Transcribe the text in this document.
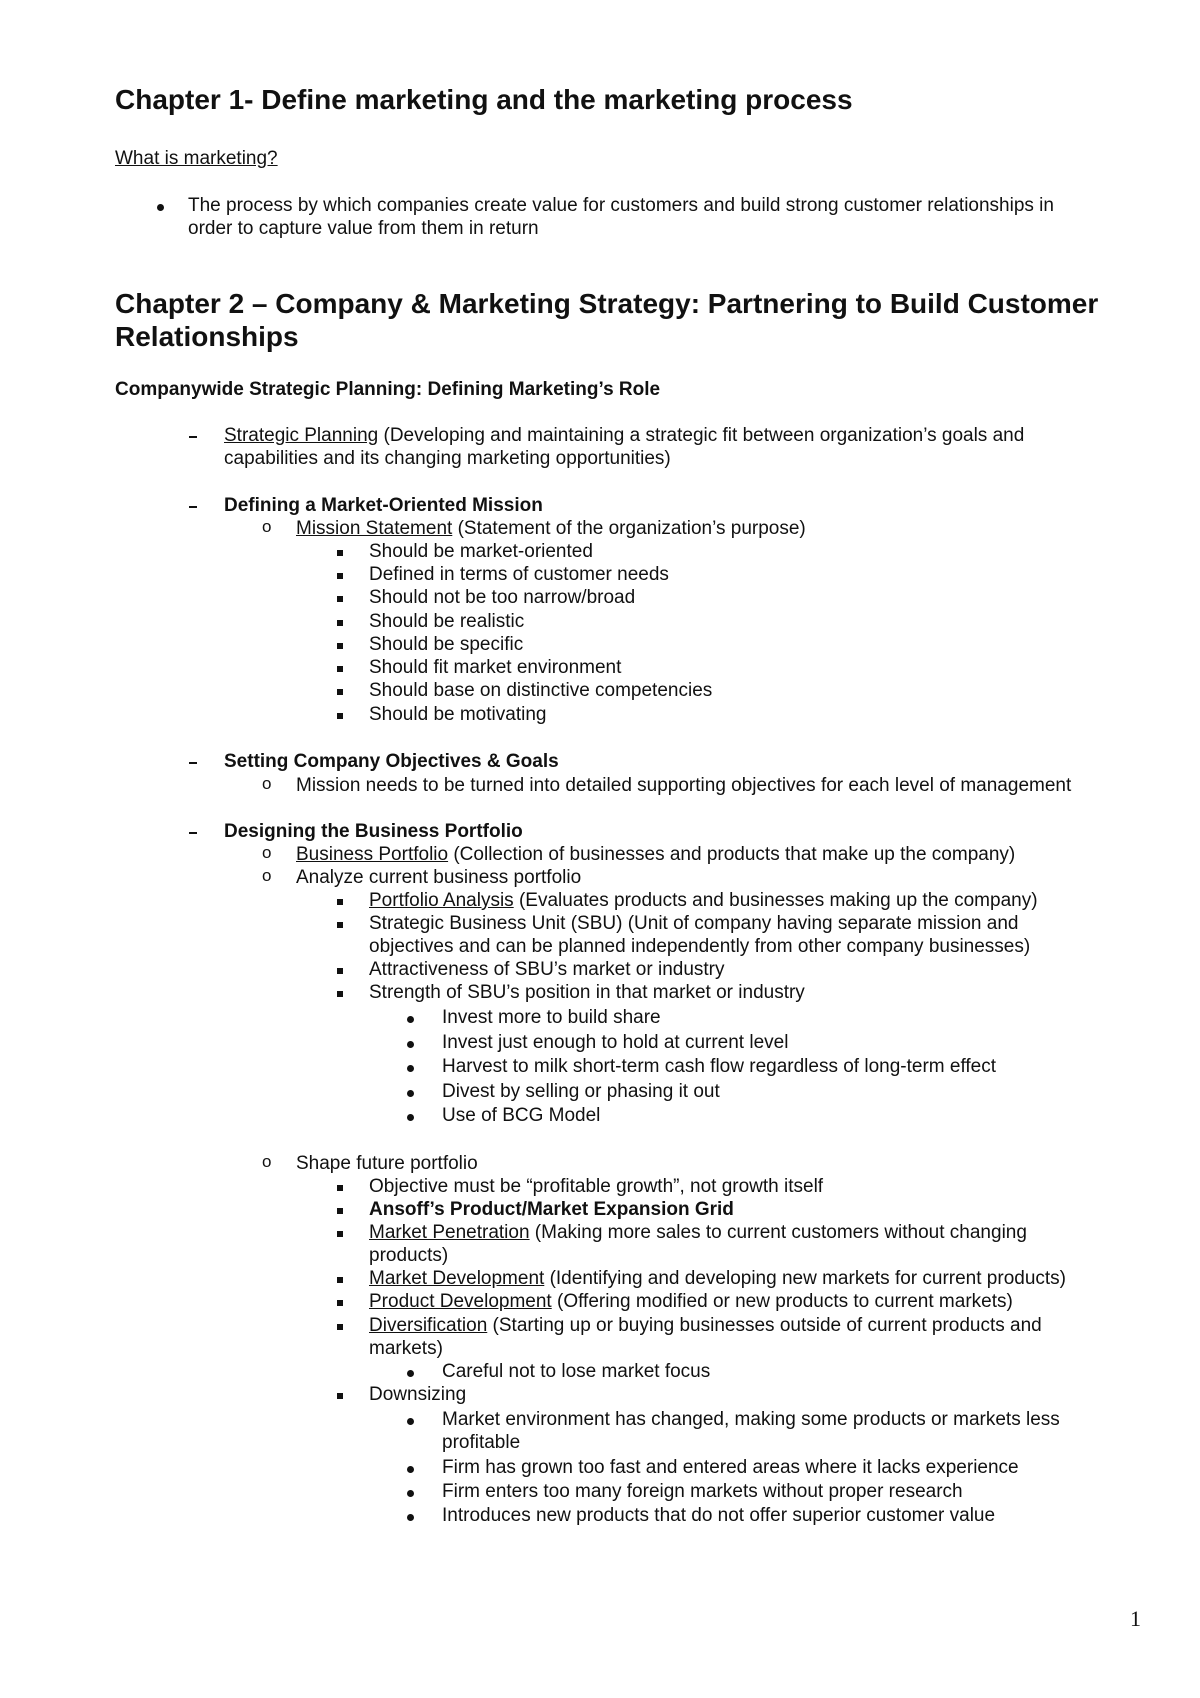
Chapter 1- Define marketing and the marketing process

What is marketing?

The process by which companies create value for customers and build strong customer relationships in

order to capture value from them in return

Chapter 2 – Company & Marketing Strategy: Partnering to Build Customer
Relationships

Companywide Strategic Planning: Defining Marketing’s Role

Strategic Planning (Developing and maintaining a strategic fit between organization’s goals and

capabilities and its changing marketing opportunities)

Defining a Market-Oriented Mission

o Mission Statement (Statement of the organization’s purpose)

Should be market-oriented

Defined in terms of customer needs

Should not be too narrow/broad

Should be realistic

Should be specific

Should fit market environment

Should base on distinctive competencies

Should be motivating

Setting Company Objectives & Goals

o Mission needs to be turned into detailed supporting objectives for each level of management

Designing the Business Portfolio

o Business Portfolio (Collection of businesses and products that make up the company)

o Analyze current business portfolio

Portfolio Analysis (Evaluates products and businesses making up the company)

Strategic Business Unit (SBU) (Unit of company having separate mission and

objectives and can be planned independently from other company businesses)

Attractiveness of SBU’s market or industry

Strength of SBU’s position in that market or industry

Invest more to build share

Invest just enough to hold at current level

Harvest to milk short-term cash flow regardless of long-term effect

Divest by selling or phasing it out

Use of BCG Model

o Shape future portfolio

Objective must be “profitable growth”, not growth itself

Ansoff’s Product/Market Expansion Grid

Market Penetration (Making more sales to current customers without changing

products)

Market Development (Identifying and developing new markets for current products)

Product Development (Offering modified or new products to current markets)

Diversification (Starting up or buying businesses outside of current products and

markets)

Careful not to lose market focus

Downsizing

Market environment has changed, making some products or markets less

profitable

Firm has grown too fast and entered areas where it lacks experience

Firm enters too many foreign markets without proper research

Introduces new products that do not offer superior customer value

1
